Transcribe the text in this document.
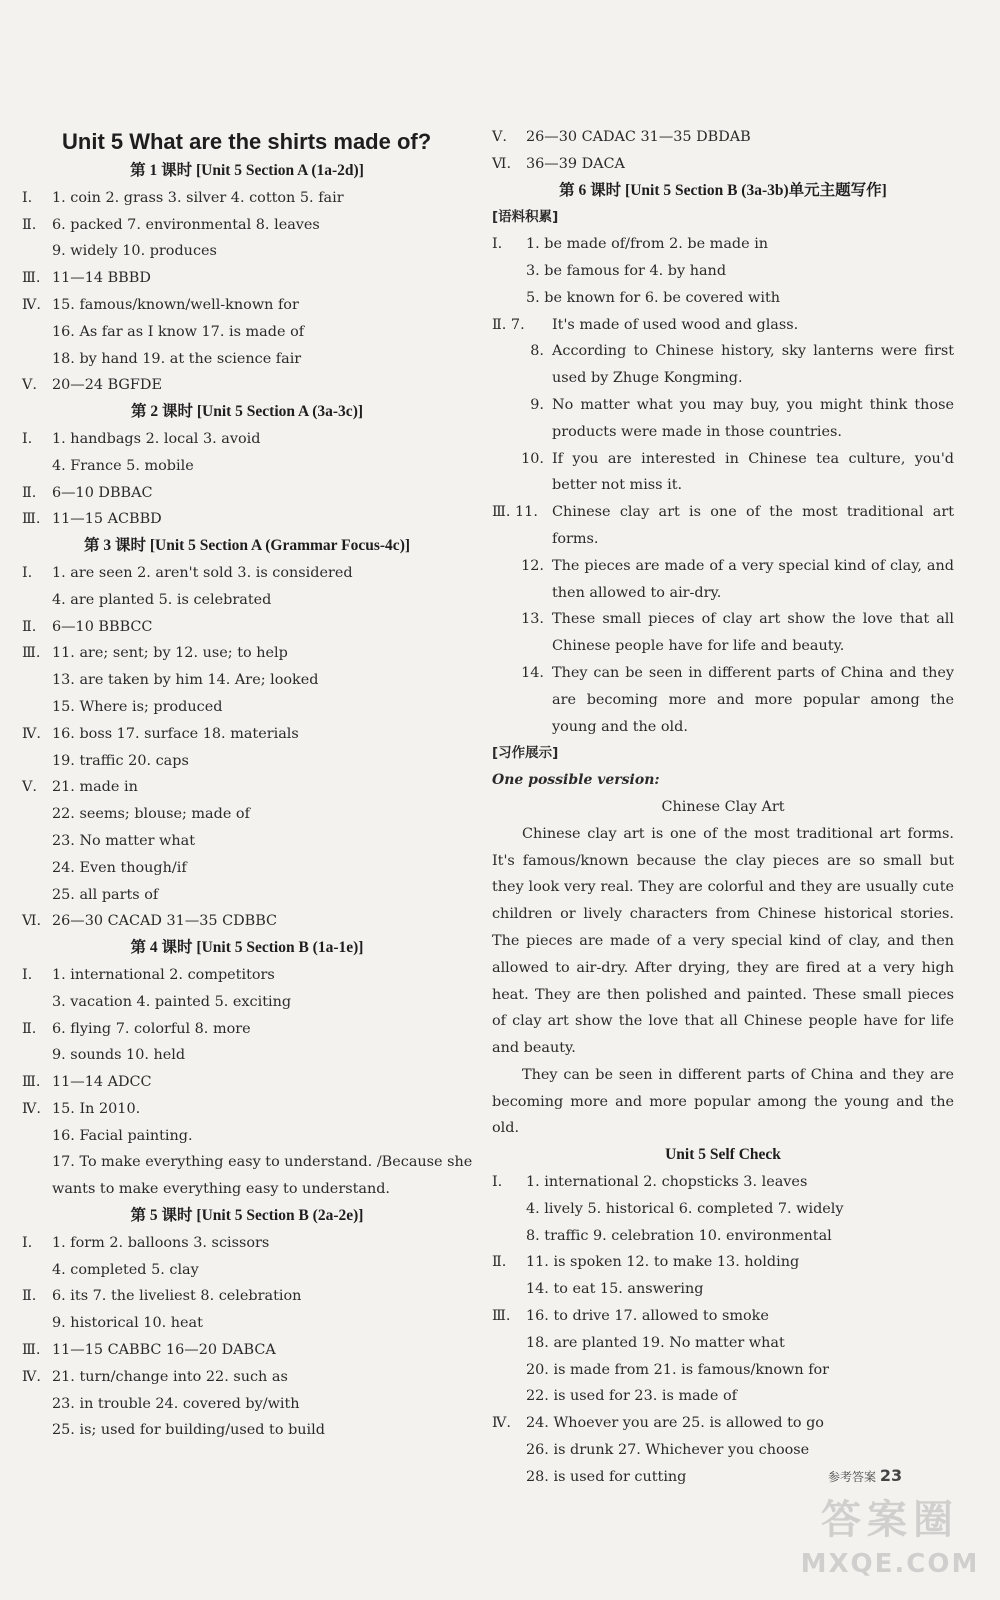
Unit 5 What are the shirts made of?
第 1 课时 [Unit 5 Section A (1a-2d)]
Ⅰ.	1. coin 2. grass 3. silver 4. cotton 5. fair
Ⅱ.	6. packed 7. environmental 8. leaves
9. widely 10. produces
Ⅲ. 11—14 BBBD
Ⅳ. 15. famous/known/well-known for
16. As far as I know 17. is made of
18. by hand 19. at the science fair
Ⅴ.	20—24 BGFDE
第 2 课时 [Unit 5 Section A (3a-3c)]
Ⅰ.	1. handbags 2. local 3. avoid
4. France 5. mobile
Ⅱ.	6—10 DBBAC
Ⅲ. 11—15 ACBBD
第 3 课时 [Unit 5 Section A (Grammar Focus-4c)]
Ⅰ.	1. are seen 2. aren't sold 3. is considered
4. are planted 5. is celebrated
Ⅱ.	6—10 BBBCC
Ⅲ. 11. are; sent; by 12. use; to help
13. are taken by him 14. Are; looked
15. Where is; produced
Ⅳ. 16. boss 17. surface 18. materials
19. traffic 20. caps
Ⅴ.	21. made in
22. seems; blouse; made of
23. No matter what
24. Even though/if
25. all parts of
Ⅵ. 26—30 CACAD 31—35 CDBBC
第 4 课时 [Unit 5 Section B (1a-1e)]
Ⅰ.	1. international 2. competitors
3. vacation 4. painted 5. exciting
Ⅱ.	6. flying 7. colorful 8. more
9. sounds 10. held
Ⅲ. 11—14 ADCC
Ⅳ. 15. In 2010.
16. Facial painting.
17. To make everything easy to understand. /Because she
wants to make everything easy to understand.
第 5 课时 [Unit 5 Section B (2a-2e)]
Ⅰ.	1. form 2. balloons 3. scissors
4. completed 5. clay
Ⅱ.	6. its 7. the liveliest 8. celebration
9. historical 10. heat
Ⅲ. 11—15 CABBC 16—20 DABCA
Ⅳ. 21. turn/change into 22. such as
23. in trouble 24. covered by/with
25. is; used for building/used to build
Ⅴ.	26—30 CADAC 31—35 DBDAB
Ⅵ.	36—39 DACA
第 6 课时 [Unit 5 Section B (3a-3b)单元主题写作]
[语料积累]
Ⅰ.	1. be made of/from 2. be made in
3. be famous for 4. by hand
5. be known for 6. be covered with
Ⅱ. 7.	It's made of used wood and glass.
8. According to Chinese history, sky lanterns were first used by Zhuge Kongming.
9. No matter what you may buy, you might think those products were made in those countries.
10. If you are interested in Chinese tea culture, you'd better not miss it.
Ⅲ. 11. Chinese clay art is one of the most traditional art forms.
12. The pieces are made of a very special kind of clay, and then allowed to air-dry.
13. These small pieces of clay art show the love that all Chinese people have for life and beauty.
14. They can be seen in different parts of China and they are becoming more and more popular among the young and the old.
[习作展示]
One possible version:
Chinese Clay Art

Chinese clay art is one of the most traditional art forms. It's famous/known because the clay pieces are so small but they look very real. They are colorful and they are usually cute children or lively characters from Chinese historical stories. The pieces are made of a very special kind of clay, and then allowed to air-dry. After drying, they are fired at a very high heat. They are then polished and painted. These small pieces of clay art show the love that all Chinese people have for life and beauty.

They can be seen in different parts of China and they are becoming more and more popular among the young and the old.

Unit 5 Self Check
Ⅰ.	1. international 2. chopsticks 3. leaves
4. lively 5. historical 6. completed 7. widely
8. traffic 9. celebration 10. environmental
Ⅱ.	11. is spoken 12. to make 13. holding
14. to eat 15. answering
Ⅲ.	16. to drive 17. allowed to smoke
18. are planted 19. No matter what
20. is made from 21. is famous/known for
22. is used for 23. is made of
Ⅳ.	24. Whoever you are 25. is allowed to go
26. is drunk 27. Whichever you choose
28. is used for cutting	参考答案 23
答案圈
MXQE.COM
